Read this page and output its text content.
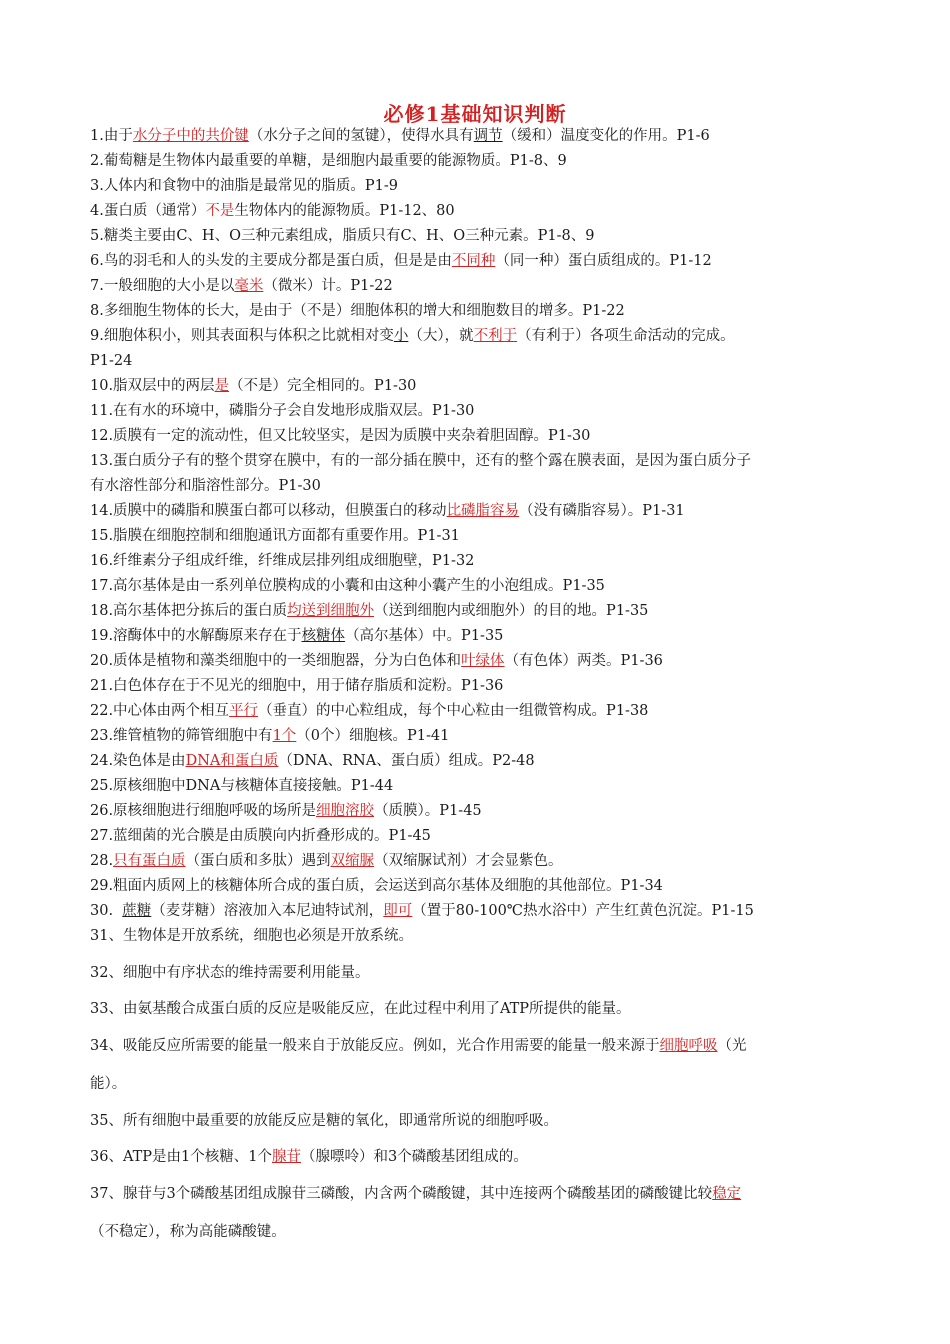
必修1基础知识判断
1.由于水分子中的共价键（水分子之间的氢键），使得水具有调节（缓和）温度变化的作用。P1-6
2.葡萄糖是生物体内最重要的单糖，是细胞内最重要的能源物质。P1-8、9
3.人体内和食物中的油脂是最常见的脂质。P1-9
4.蛋白质（通常）不是生物体内的能源物质。P1-12、80
5.糖类主要由C、H、O三种元素组成，脂质只有C、H、O三种元素。P1-8、9
6.鸟的羽毛和人的头发的主要成分都是蛋白质，但是是由不同种（同一种）蛋白质组成的。P1-12
7.一般细胞的大小是以毫米（微米）计。P1-22
8.多细胞生物体的长大，是由于（不是）细胞体积的增大和细胞数目的增多。P1-22
9.细胞体积小，则其表面积与体积之比就相对变小（大），就不利于（有利于）各项生命活动的完成。
P1-24
10.脂双层中的两层是（不是）完全相同的。P1-30
11.在有水的环境中，磷脂分子会自发地形成脂双层。P1-30
12.质膜有一定的流动性，但又比较坚实，是因为质膜中夹杂着胆固醇。P1-30
13.蛋白质分子有的整个贯穿在膜中，有的一部分插在膜中，还有的整个露在膜表面，是因为蛋白质分子
有水溶性部分和脂溶性部分。P1-30
14.质膜中的磷脂和膜蛋白都可以移动，但膜蛋白的移动比磷脂容易（没有磷脂容易）。P1-31
15.脂膜在细胞控制和细胞通讯方面都有重要作用。P1-31
16.纤维素分子组成纤维，纤维成层排列组成细胞壁，P1-32
17.高尔基体是由一系列单位膜构成的小囊和由这种小囊产生的小泡组成。P1-35
18.高尔基体把分拣后的蛋白质均送到细胞外（送到细胞内或细胞外）的目的地。P1-35
19.溶酶体中的水解酶原来存在于核糖体（高尔基体）中。P1-35
20.质体是植物和藻类细胞中的一类细胞器，分为白色体和叶绿体（有色体）两类。P1-36
21.白色体存在于不见光的细胞中，用于储存脂质和淀粉。P1-36
22.中心体由两个相互平行（垂直）的中心粒组成，每个中心粒由一组微管构成。P1-38
23.维管植物的筛管细胞中有1个（0个）细胞核。P1-41
24.染色体是由DNA和蛋白质（DNA、RNA、蛋白质）组成。P2-48
25.原核细胞中DNA与核糖体直接接触。P1-44
26.原核细胞进行细胞呼吸的场所是细胞溶胶（质膜）。P1-45
27.蓝细菌的光合膜是由质膜向内折叠形成的。P1-45
28.只有蛋白质（蛋白质和多肽）遇到双缩脲（双缩脲试剂）才会显紫色。
29.粗面内质网上的核糖体所合成的蛋白质，会运送到高尔基体及细胞的其他部位。P1-34
30.  蔗糖（麦芽糖）溶液加入本尼迪特试剂，即可（置于80-100℃热水浴中）产生红黄色沉淀。P1-15
31、生物体是开放系统，细胞也必须是开放系统。
32、细胞中有序状态的维持需要利用能量。
33、由氨基酸合成蛋白质的反应是吸能反应，在此过程中利用了ATP所提供的能量。
34、吸能反应所需要的能量一般来自于放能反应。例如，光合作用需要的能量一般来源于细胞呼吸（光
能）。
35、所有细胞中最重要的放能反应是糖的氧化，即通常所说的细胞呼吸。
36、ATP是由1个核糖、1个腺苷（腺嘌呤）和3个磷酸基团组成的。
37、腺苷与3个磷酸基团组成腺苷三磷酸，内含两个磷酸键，其中连接两个磷酸基团的磷酸键比较稳定
（不稳定），称为高能磷酸键。
